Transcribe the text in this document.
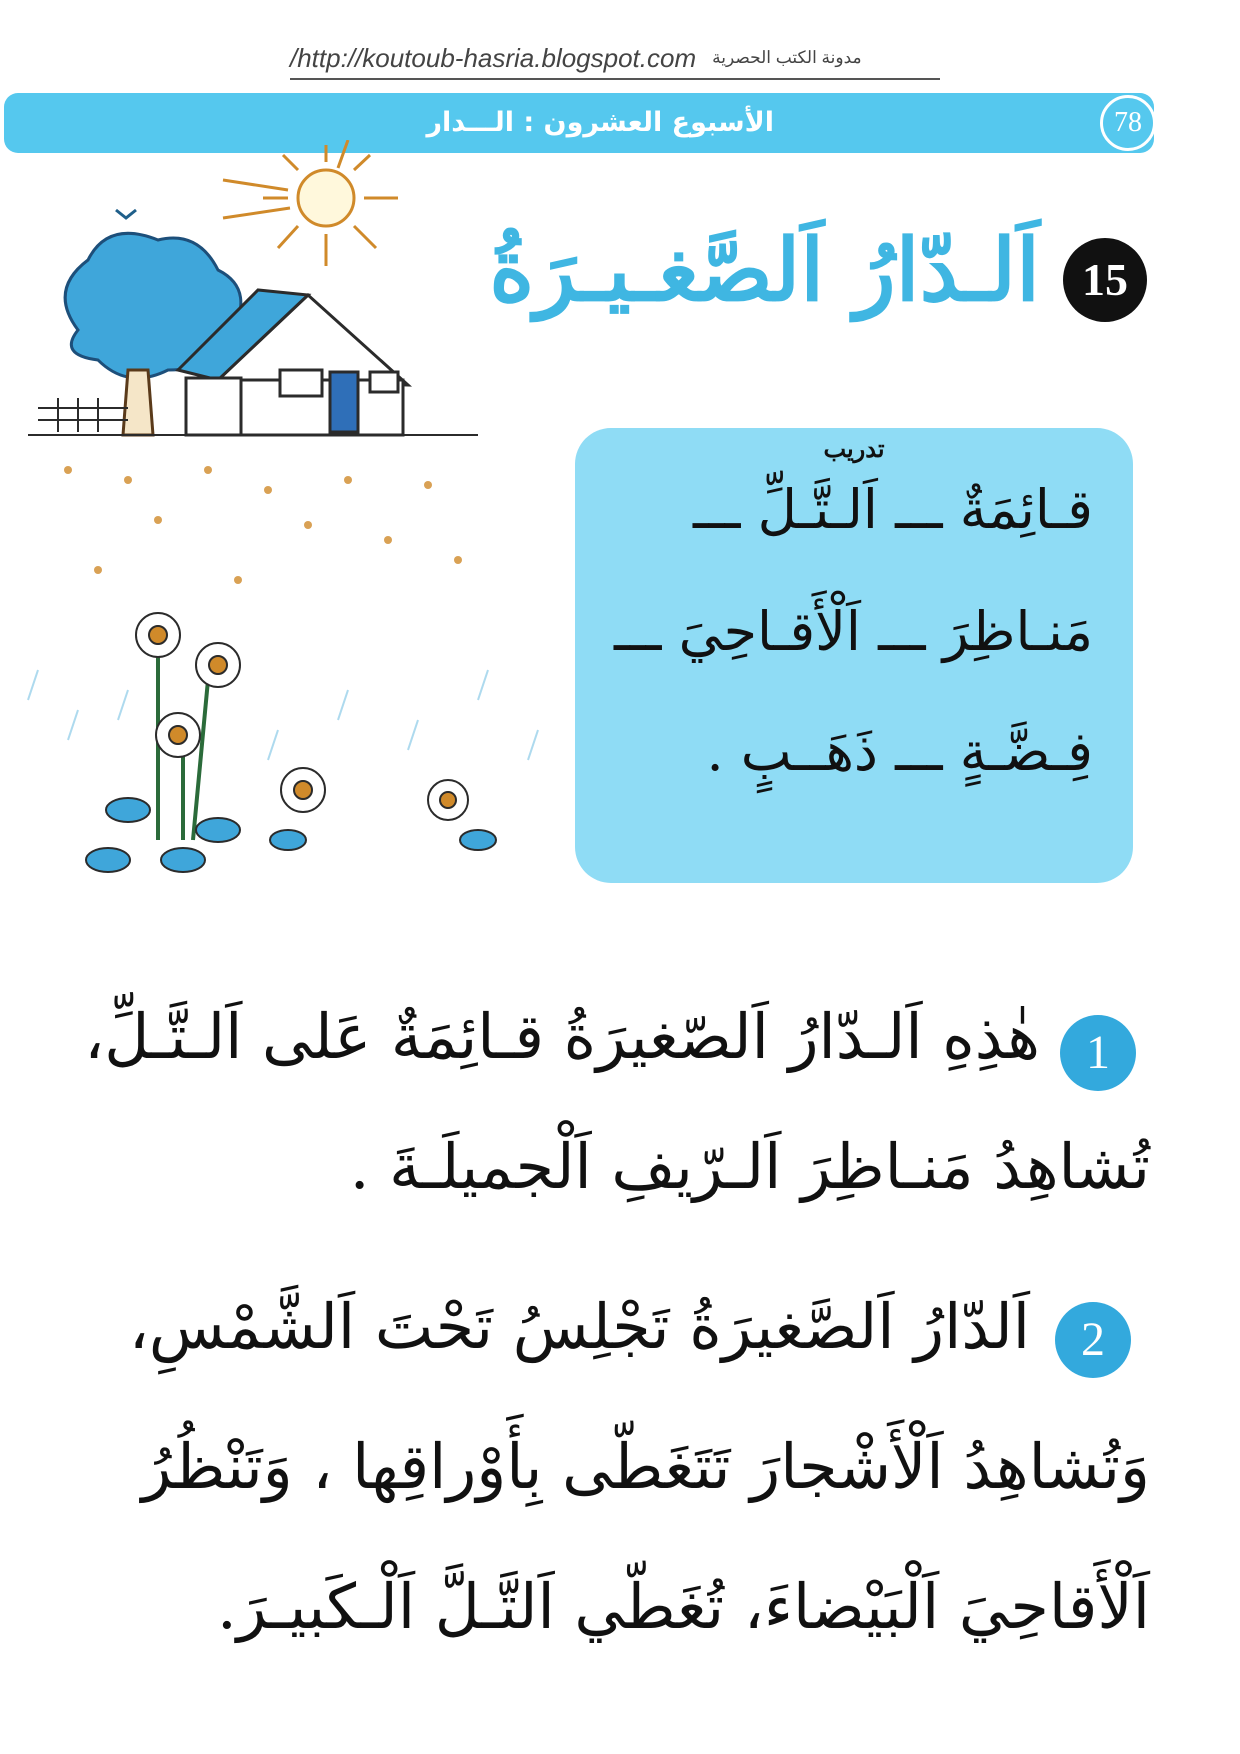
/http://koutoub-hasria.blogspot.com مدونة الكتب الحصرية
الأسبوع العشرون : الـــدار	78
15
اَلـدّارُ اَلصَّغـيـرَةُ
تدريب
قـائِمَةٌ ـــ اَلـتَّـلِّ ـــ
مَنـاظِرَ ـــ اَلْأَقـاحِيَ ـــ
فِـضَّـةٍ ـــ ذَهَــبٍ .
1
هٰذِهِ اَلـدّارُ اَلصّغيرَةُ قـائِمَةٌ عَلى اَلـتَّـلِّ،
تُشاهِدُ مَنـاظِرَ اَلـرّيفِ اَلْجميلَـةَ .
2
اَلدّارُ اَلصَّغيرَةُ تَجْلِسُ تَحْتَ اَلشَّمْسِ،
وَتُشاهِدُ اَلْأَشْجارَ تَتَغَطّى بِأَوْراقِها ، وَتَنْظُرُ
اَلْأَقاحِيَ اَلْبَيْضاءَ، تُغَطّي اَلتَّـلَّ اَلْـكَبيـرَ.
